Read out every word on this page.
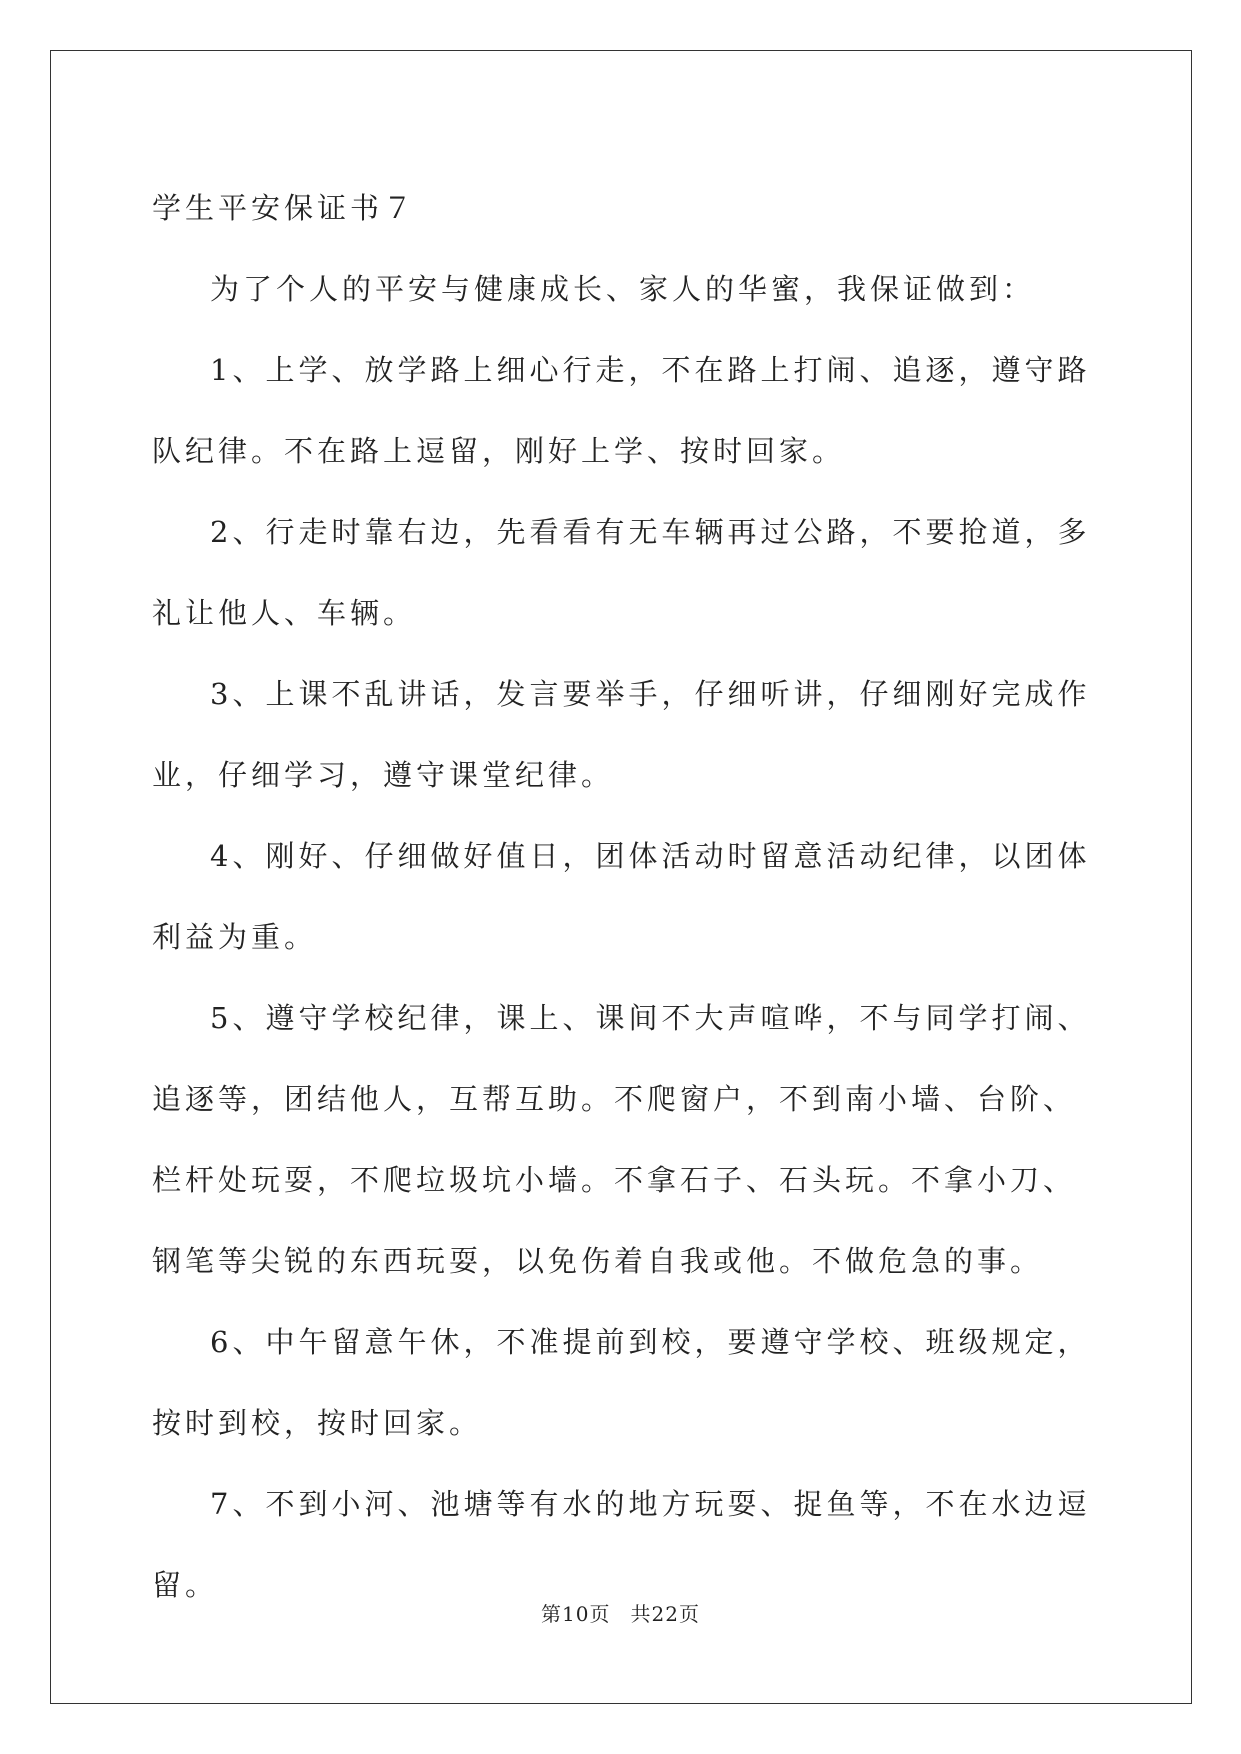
学生平安保证书７

为了个人的平安与健康成长、家人的华蜜，我保证做到：

1、上学、放学路上细心行走，不在路上打闹、追逐，遵守路队纪律。不在路上逗留，刚好上学、按时回家。

2、行走时靠右边，先看看有无车辆再过公路，不要抢道，多礼让他人、车辆。

3、上课不乱讲话，发言要举手，仔细听讲，仔细刚好完成作业，仔细学习，遵守课堂纪律。

4、刚好、仔细做好值日，团体活动时留意活动纪律，以团体利益为重。

5、遵守学校纪律，课上、课间不大声喧哗，不与同学打闹、追逐等，团结他人，互帮互助。不爬窗户，不到南小墙、台阶、栏杆处玩耍，不爬垃圾坑小墙。不拿石子、石头玩。不拿小刀、钢笔等尖锐的东西玩耍，以免伤着自我或他。不做危急的事。

6、中午留意午休，不准提前到校，要遵守学校、班级规定，按时到校，按时回家。

7、不到小河、池塘等有水的地方玩耍、捉鱼等，不在水边逗留。

第10页 共22页
